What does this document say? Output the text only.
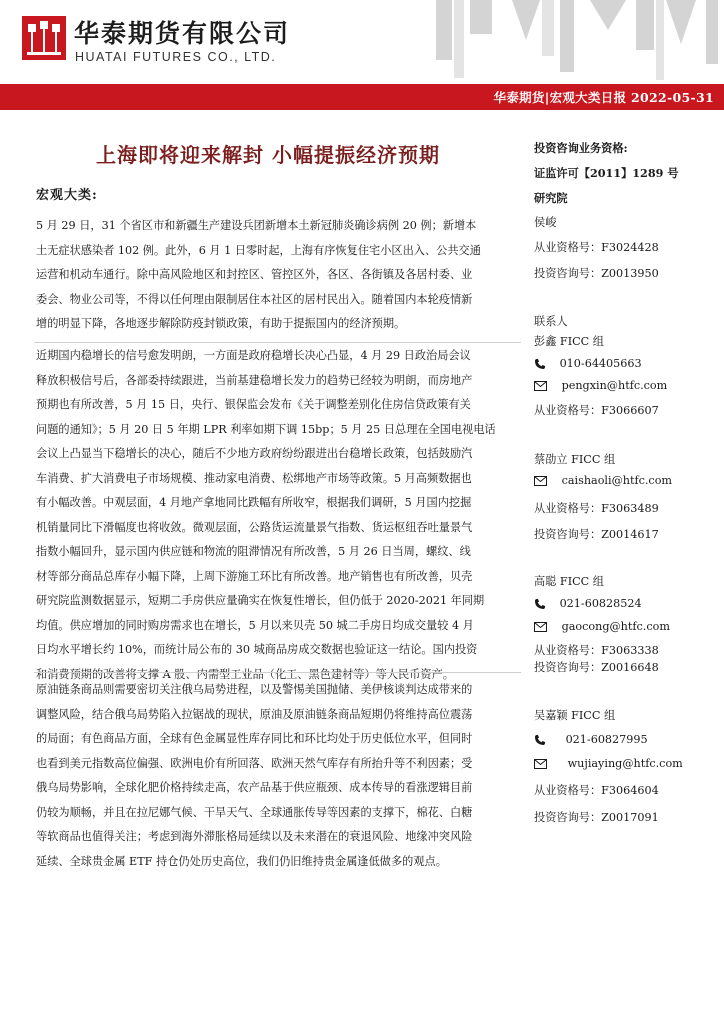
华泰期货有限公司
HUATAI FUTURES CO., LTD.
华泰期货|宏观大类日报 2022-05-31
上海即将迎来解封 小幅提振经济预期
宏观大类:
5 月 29 日，31 个省区市和新疆生产建设兵团新增本土新冠肺炎确诊病例 20 例；新增本
土无症状感染者 102 例。此外，6 月 1 日零时起，上海有序恢复住宅小区出入、公共交通
运营和机动车通行。除中高风险地区和封控区、管控区外，各区、各街镇及各居村委、业
委会、物业公司等，不得以任何理由限制居住本社区的居村民出入。随着国内本轮疫情新
增的明显下降，各地逐步解除防疫封锁政策，有助于提振国内的经济预期。
近期国内稳增长的信号愈发明朗，一方面是政府稳增长决心凸显，4 月 29 日政治局会议
释放积极信号后，各部委持续跟进，当前基建稳增长发力的趋势已经较为明朗，而房地产
预期也有所改善，5 月 15 日，央行、银保监会发布《关于调整差别化住房信贷政策有关
问题的通知》；5 月 20 日 5 年期 LPR 利率如期下调 15bp；5 月 25 日总理在全国电视电话
会议上凸显当下稳增长的决心，随后不少地方政府纷纷跟进出台稳增长政策，包括鼓励汽
车消费、扩大消费电子市场规模、推动家电消费、松绑地产市场等政策。5 月高频数据也
有小幅改善。中观层面，4 月地产拿地同比跌幅有所收窄，根据我们调研，5 月国内挖掘
机销量同比下滑幅度也将收敛。微观层面，公路货运流量景气指数、货运枢纽吞吐量景气
指数小幅回升，显示国内供应链和物流的阻滞情况有所改善，5 月 26 日当周，螺纹、线
材等部分商品总库存小幅下降，上周下游施工环比有所改善。地产销售也有所改善，贝壳
研究院监测数据显示，短期二手房供应量确实在恢复性增长，但仍低于 2020-2021 年同期
均值。供应增加的同时购房需求也在增长，5 月以来贝壳 50 城二手房日均成交量较 4 月
日均水平增长约 10%，而统计局公布的 30 城商品房成交数据也验证这一结论。国内投资
和消费预期的改善将支撑 A 股、内需型工业品（化工、黑色建材等）等人民币资产。
原油链条商品则需要密切关注俄乌局势进程，以及警惕美国抛储、美伊核谈判达成带来的
调整风险，结合俄乌局势陷入拉锯战的现状，原油及原油链条商品短期仍将维持高位震荡
的局面；有色商品方面，全球有色金属显性库存同比和环比均处于历史低位水平，但同时
也看到美元指数高位偏强、欧洲电价有所回落、欧洲天然气库存有所抬升等不利因素；受
俄乌局势影响，全球化肥价格持续走高，农产品基于供应瓶颈、成本传导的看涨逻辑目前
仍较为顺畅，并且在拉尼娜气候、干旱天气、全球通胀传导等因素的支撑下，棉花、白糖
等软商品也值得关注；考虑到海外滞胀格局延续以及未来潜在的衰退风险、地缘冲突风险
延续、全球贵金属 ETF 持仓仍处历史高位，我们仍旧维持贵金属逢低做多的观点。
投资咨询业务资格:
证监许可【2011】1289 号
研究院
侯峻
从业资格号：F3024428
投资咨询号：Z0013950
联系人
彭鑫 FICC 组
010-64405663
pengxin@htfc.com
从业资格号：F3066607
蔡劭立 FICC 组
caishaoli@htfc.com
从业资格号：F3063489
投资咨询号：Z0014617
高聪 FICC 组
021-60828524
gaocong@htfc.com
从业资格号：F3063338
投资咨询号：Z0016648
吴嘉颖 FICC 组
021-60827995
wujiaying@htfc.com
从业资格号：F3064604
投资咨询号：Z0017091
